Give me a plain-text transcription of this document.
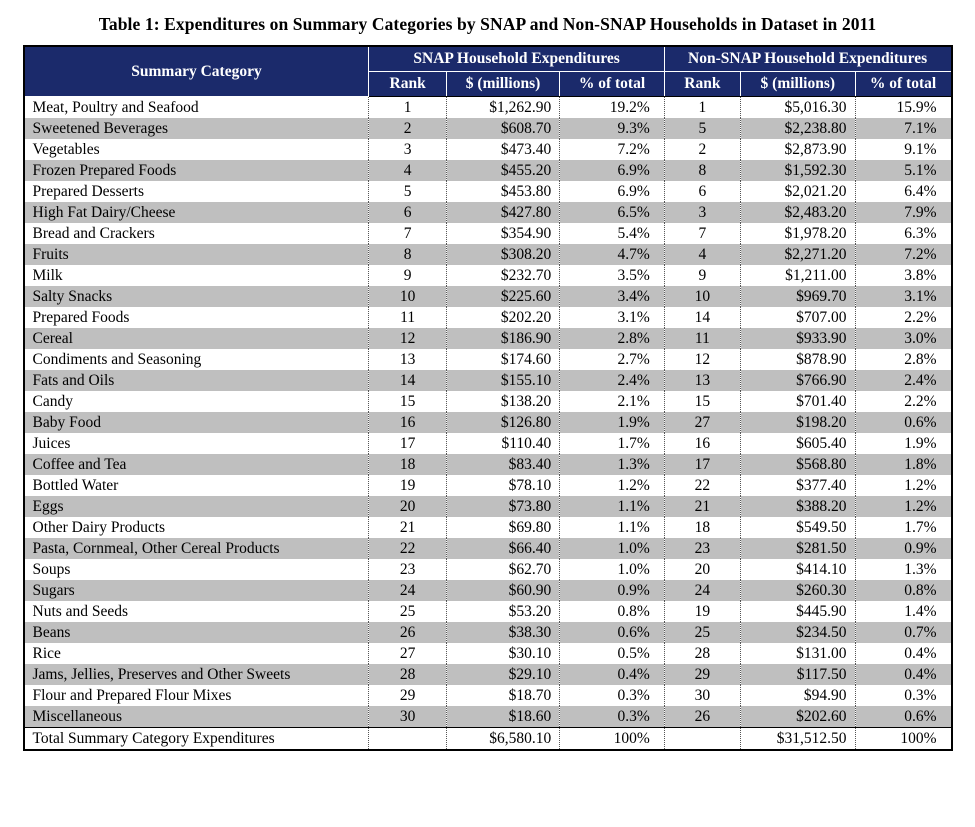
Table 1: Expenditures on Summary Categories by SNAP and Non-SNAP Households in Dataset in 2011
Summary Category	SNAP Household Expenditures			Non-SNAP Household Expenditures		
	Rank	$ (millions)	% of total	Rank	$ (millions)	% of total
Meat, Poultry and Seafood	1	$1,262.90	19.2%	1	$5,016.30	15.9%
Sweetened Beverages	2	$608.70	9.3%	5	$2,238.80	7.1%
Vegetables	3	$473.40	7.2%	2	$2,873.90	9.1%
Frozen Prepared Foods	4	$455.20	6.9%	8	$1,592.30	5.1%
Prepared Desserts	5	$453.80	6.9%	6	$2,021.20	6.4%
High Fat Dairy/Cheese	6	$427.80	6.5%	3	$2,483.20	7.9%
Bread and Crackers	7	$354.90	5.4%	7	$1,978.20	6.3%
Fruits	8	$308.20	4.7%	4	$2,271.20	7.2%
Milk	9	$232.70	3.5%	9	$1,211.00	3.8%
Salty Snacks	10	$225.60	3.4%	10	$969.70	3.1%
Prepared Foods	11	$202.20	3.1%	14	$707.00	2.2%
Cereal	12	$186.90	2.8%	11	$933.90	3.0%
Condiments and Seasoning	13	$174.60	2.7%	12	$878.90	2.8%
Fats and Oils	14	$155.10	2.4%	13	$766.90	2.4%
Candy	15	$138.20	2.1%	15	$701.40	2.2%
Baby Food	16	$126.80	1.9%	27	$198.20	0.6%
Juices	17	$110.40	1.7%	16	$605.40	1.9%
Coffee and Tea	18	$83.40	1.3%	17	$568.80	1.8%
Bottled Water	19	$78.10	1.2%	22	$377.40	1.2%
Eggs	20	$73.80	1.1%	21	$388.20	1.2%
Other Dairy Products	21	$69.80	1.1%	18	$549.50	1.7%
Pasta, Cornmeal, Other Cereal Products	22	$66.40	1.0%	23	$281.50	0.9%
Soups	23	$62.70	1.0%	20	$414.10	1.3%
Sugars	24	$60.90	0.9%	24	$260.30	0.8%
Nuts and Seeds	25	$53.20	0.8%	19	$445.90	1.4%
Beans	26	$38.30	0.6%	25	$234.50	0.7%
Rice	27	$30.10	0.5%	28	$131.00	0.4%
Jams, Jellies, Preserves and Other Sweets	28	$29.10	0.4%	29	$117.50	0.4%
Flour and Prepared Flour Mixes	29	$18.70	0.3%	30	$94.90	0.3%
Miscellaneous	30	$18.60	0.3%	26	$202.60	0.6%
Total Summary Category Expenditures		$6,580.10	100%		$31,512.50	100%
